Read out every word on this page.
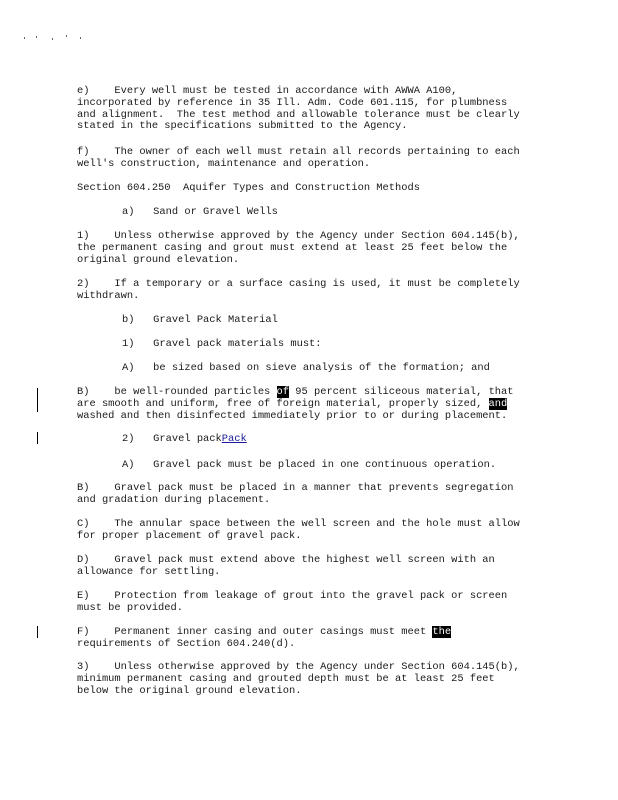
e)    Every well must be tested in accordance with AWWA A100,
incorporated by reference in 35 Ill. Adm. Code 601.115, for plumbness
and alignment.  The test method and allowable tolerance must be clearly
stated in the specifications submitted to the Agency.
f)    The owner of each well must retain all records pertaining to each
well's construction, maintenance and operation.
Section 604.250  Aquifer Types and Construction Methods
a)   Sand or Gravel Wells
1)    Unless otherwise approved by the Agency under Section 604.145(b),
the permanent casing and grout must extend at least 25 feet below the
original ground elevation.
2)    If a temporary or a surface casing is used, it must be completely
withdrawn.
b)   Gravel Pack Material
1)   Gravel pack materials must:
A)   be sized based on sieve analysis of the formation; and
B)    be well-rounded particles of 95 percent siliceous material, that
are smooth and uniform, free of foreign material, properly sized, and
washed and then disinfected immediately prior to or during placement.
2)   Gravel packPack
A)   Gravel pack must be placed in one continuous operation.
B)    Gravel pack must be placed in a manner that prevents segregation
and gradation during placement.
C)    The annular space between the well screen and the hole must allow
for proper placement of gravel pack.
D)    Gravel pack must extend above the highest well screen with an
allowance for settling.
E)    Protection from leakage of grout into the gravel pack or screen
must be provided.
F)    Permanent inner casing and outer casings must meet the
requirements of Section 604.240(d).
3)    Unless otherwise approved by the Agency under Section 604.145(b),
minimum permanent casing and grouted depth must be at least 25 feet
below the original ground elevation.
